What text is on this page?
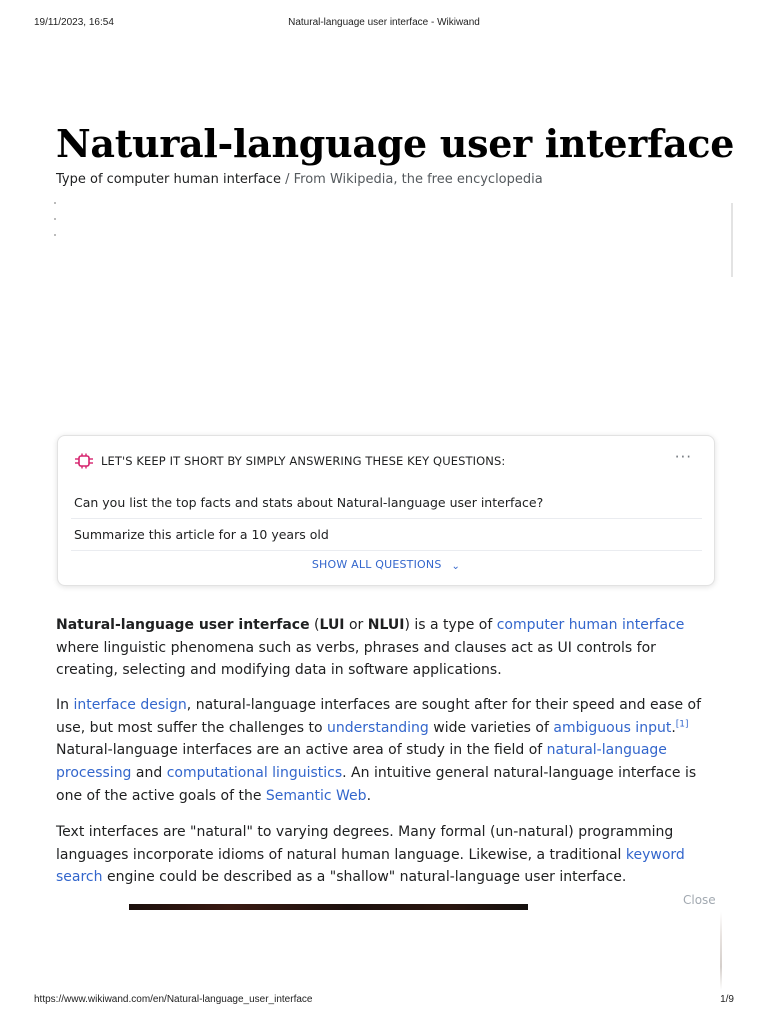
19/11/2023, 16:54	Natural-language user interface - Wikiwand
Natural-language user interface
Type of computer human interface / From Wikipedia, the free encyclopedia
LET'S KEEP IT SHORT BY SIMPLY ANSWERING THESE KEY QUESTIONS:	···
Can you list the top facts and stats about Natural-language user interface?
Summarize this article for a 10 years old
SHOW ALL QUESTIONS ⌄

Natural-language user interface (LUI or NLUI) is a type of computer human interface where linguistic phenomena such as verbs, phrases and clauses act as UI controls for creating, selecting and modifying data in software applications.

In interface design, natural-language interfaces are sought after for their speed and ease of use, but most suffer the challenges to understanding wide varieties of ambiguous input.[1] Natural-language interfaces are an active area of study in the field of natural-language processing and computational linguistics. An intuitive general natural-language interface is one of the active goals of the Semantic Web.

Text interfaces are "natural" to varying degrees. Many formal (un-natural) programming languages incorporate idioms of natural human language. Likewise, a traditional keyword search engine could be described as a "shallow" natural-language user interface.

Close
https://www.wikiwand.com/en/Natural-language_user_interface	1/9
